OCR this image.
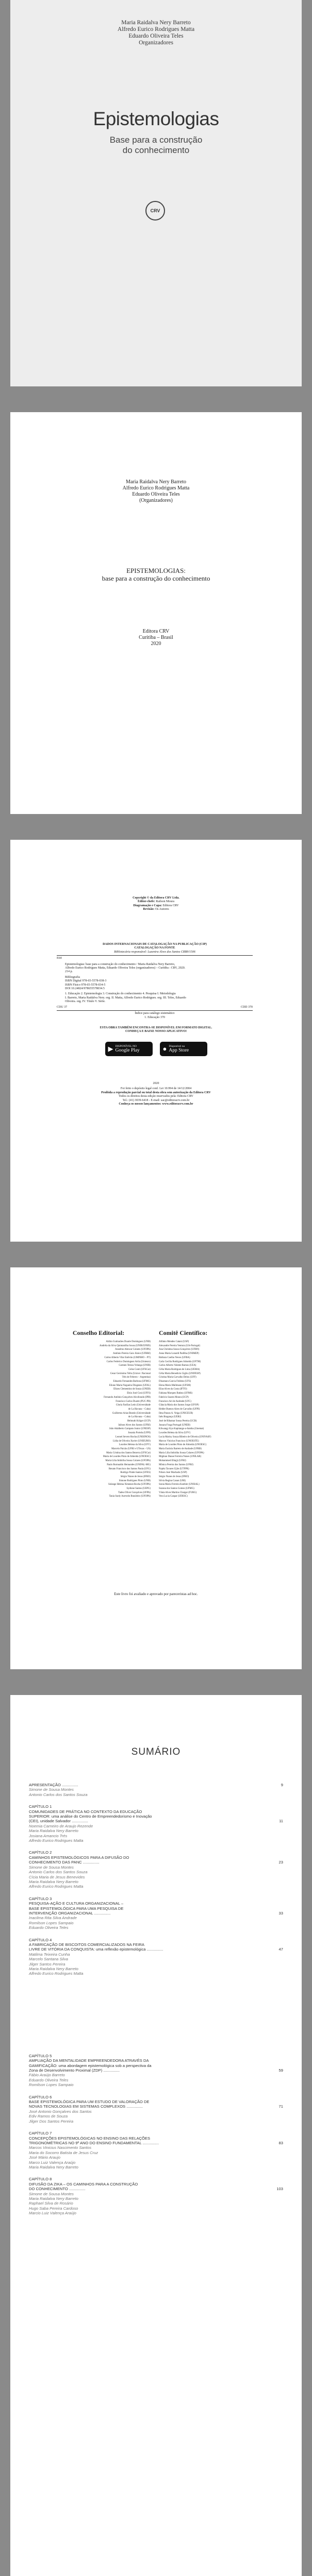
Maria Raidalva Nery Barreto
Alfredo Eurico Rodrigues Matta
Eduardo Oliveira Teles
Organizadores
Epistemologias
Base para a construção
do conhecimento
CRV
Maria Raidalva Nery Barreto
Alfredo Eurico Rodrigues Matta
Eduardo Oliveira Teles
(Organizadores)
EPISTEMOLOGIAS:
base para a construção do conhecimento
Editora CRV
Curitiba – Brasil
2020
Copyright © da Editora CRV Ltda.
Editor-chefe: Railson Moura
Diagramação e Capa: Editora CRV
Revisão: Os Autores
DADOS INTERNACIONAIS DE CATALOGAÇÃO NA PUBLICAÇÃO (CIP)
CATALOGAÇÃO NA FONTE
Bibliotecária responsável: Luzenira Alves dos Santos CRB9/1506
E64
Epistemologias: base para a construção do conhecimento / Maria Raidalva Nery Barreto,
Alfredo Eurico Rodrigues Matta, Eduardo Oliveira Teles (organizadores) – Curitiba : CRV, 2020.
214 p.
Bibliografia
ISBN Digital 978-65-5578-038-3
ISBN Físico 978-65-5578-034-5
DOI 10.24824/978655578034.5
1. Educação 2. Epistemologia 3. Construção do conhecimento 4. Pesquisa I. Metodologia
I. Barreto, Maria Raidalva Nery. org. II. Matta, Alfredo Eurico Rodrigues. org. III. Teles, Eduardo
Oliveira. org. IV. Título V. Série.
CDU 37	CDD 370
Índice para catálogo sistemático
1. Educação 370
ESTA OBRA TAMBÉM ENCONTRA-SE DISPONÍVEL EM FORMATO DIGITAL.
CONHEÇA E BAIXE NOSSO APLICATIVO!
▶ DISPONÍVEL NO
Google Play	● Disponível na
App Store
2020
Foi feito o depósito legal conf. Lei 10.994 de 14/12/2004
Proibida a reprodução parcial ou total desta obra sem autorização da Editora CRV
Todos os direitos desta edição reservados pela: Editora CRV
Tel.: (41) 3039-6418 - E-mail: sac@editoracrv.com.br
Conheça os nossos lançamentos: www.editoracrv.com.br
Conselho Editorial:
Aldira Guimarães Duarte Domínguez (UNB)
Andréia da Silva Quintanilha Sousa (UNIR/UFRN)
Anselmo Alencar Colares (UFOPA)
Antônio Pereira Gaio Júnior (UFRRJ)
Carlos Alberto Vilar Estêvão (UMINHO – PT)
Carlos Federico Dominguez Avila (Unieuro)
Carmen Tereza Velanga (UNIR)
Celso Conti (UFSCar)
Cesar Gerónimo Tello (Univer .Nacional
Três de Febrero – Argentina)
Eduardo Fernandes Barbosa (UFMG)
Elione Maria Nogueira Diogenes (UFAL)
Elizeu Clementino de Souza (UNEB)
Élsio José Corá (UFFS)
Fernando Antônio Gonçalves Alcoforado (IPB)
Francisco Carlos Duarte (PUC-PR)
Gloria Fariñas León (Universidade
de La Havana – Cuba)
Guillermo Arias Beatón (Universidade
de La Havana – Cuba)
Helmuth Krüger (UCP)
Jailson Alves dos Santos (UFRJ)
João Adalberto Campato Junior (UNESP)
Josania Portela (UFPI)
Leonel Severo Rocha (UNISINOS)
Lídia de Oliveira Xavier (UNIEURO)
Lourdes Helena da Silva (UFV)
Marcelo Paixão (UFRJ e UTexas – US)
Maria Cristina dos Santos Bezerra (UFSCar)
Maria de Lourdes Pinto de Almeida (UNOESC)
Maria Lília Imbiriba Sousa Colares (UFOPA)
Paulo Romualdo Hernandes (UNIFAL-MG)
Renato Francisco dos Santos Paula (UFG)
Rodrigo Pratte-Santos (UFES)
Sérgio Nunes de Jesus (IFRO)
Simone Rodrigues Pinto (UNB)
Solange Helena Ximenes-Rocha (UFOPA)
Sydione Santos (UEPG)
Tadeu Oliver Gonçalves (UFPA)
Tania Suely Azevedo Brasileiro (UFOPA)
Comitê Científico:
Afrânio Mendes Catani (USP)
Alexandre Pereira Ventura (UA-Portugal)
Ana Christina Souza Gonçalves (UFRN)
Anna Maria Lunardi Padilha (UNIMEP)
Bárbara Coelho Neves (UFBA)
Carla Cecília Rodrigues Almeida (UFTM)
Carlos Alberto Valente Ramos (UEA)
Célia Maria Rodrigues de Lima (UEMA)
Célia Maria Benedicto Giglio (UNIFESP)
Cristina Maria Carvalho Delou (UFF)
Dinamara Garcia Feldens (UFS)
Elena Maria Mallmann (UFSM)
Elias Alves da Costa (IFTO)
Fabiana Marques Batista (UFMS)
Fabrício Soares Moura (UCP)
Francisco Ari de Andrade (UFC)
Gláucia Maria dos Santos Jorge (UFOP)
Helder Buenos Aires de Carvalho (UFPI)
Ilma Passos A. Veiga (UNICEUB)
Inês Bragança (UERJ)
José de Ribamar Sousa Pereira (UCB)
Jussara Fraga Portugal (UNEB)
Kilwangy Kya Kapitango-a-Samba (Unemat)
Lourdes Helena da Silva (UFV)
Lucia Marisy Souza Ribeiro de Oliveira (UNIVASF)
Marcos Vinicius Francisco (UNOESTE)
Maria de Lourdes Pinto de Almeida (UNOESC)
Maria Eurácia Barreto de Andrade (UFRB)
Maria Lília Imbiriba Sousa Colares (UFOPA)
Míghian Danae Ferreira Nunes (UNILAB)
Mohammed Elhajji (UFRJ)
Mônica Pereira dos Santos (UFRJ)
Najela Tavares Ujiie (UTFPR)
Nilson José Machado (USP)
Sérgio Nunes de Jesus (IFRO)
Silvia Regina Canan (URI)
Sonia Maria Ferreira Koehler (UNISAL)
Suzana dos Santos Gomes (UFMG)
Vânia Alves Martins Chaigar (FURG)
Vera Lucia Gaspar (UDESC)
Este livro foi avaliado e aprovado por pareceristas ad hoc.
SUMÁRIO
9
APRESENTAÇÃO ...............
Simone de Sousa Montes
Antonio Carlos dos Santos Souza
CAPÍTULO 1
COMUNIDADES DE PRÁTICA NO CONTEXTO DA EDUCAÇÃO
SUPERIOR: uma análise do Centro de Empreendedorismo e Inovação
11
(CEI), unidade Salvador ...............
Noemia Carneiro de Araujo Rezende
Maria Raidalva Nery Barreto
Josiana Amancio Trés
Alfredo Eurico Rodrigues Matta
CAPÍTULO 2
CAMINHOS EPISTEMOLÓGICOS PARA A DIFUSÃO DO
23
CONHECIMENTO DAS PANC ...............
Simone de Sousa Montes
Antonio Carlos dos Santos Souza
Cícia Maria de Jesus Benevides
Maria Raidalva Nery Barreto
Alfredo Eurico Rodrigues Matta
CAPÍTULO 3
PESQUISA-AÇÃO E CULTURA ORGANIZACIONAL –
BASE EPISTEMOLÓGICA PARA UMA PESQUISA DE
33
INTERVENÇÃO ORGANIZACIONAL ...............
Inacilma Rita Silva Andrade
Romilson Lopes Sampaio
Eduardo Oliveira Teles
CAPÍTULO 4
A FABRICAÇÃO DE BISCOITOS COMERCIALIZADOS NA FEIRA
47
LIVRE DE VITÓRIA DA CONQUISTA: uma reflexão epistemológica ...............
Matilma Teixeira Cunha
Marcelo Santana Silva
Jilger Santos Pereira
Maria Raidalva Nery Barreto
Alfredo Eurico Rodrigues Matta
CAPÍTULO 5
AMPLIAÇÃO DA MENTALIDADE EMPREENDEDORA ATRAVÉS DA
GAMIFICAÇÃO: uma abordagem epistemológica sob a perspectiva da
59
Zona de Desenvolvimento Proximal (ZDP) ...............
Fábio Araújo Barreto
Eduardo Oliveira Teles
Romilson Lopes Sampaio
CAPÍTULO 6
BASE EPISTEMOLÓGICA PARA UM ESTUDO DE VALORAÇÃO DE
71
NOVAS TECNOLOGIAS EM SISTEMAS COMPLEXOS ...............
José Antonio Gonçalves dos Santos
Ediv Ramos de Souza
Jilger Dos Santos Pereira
CAPÍTULO 7
CONCEPÇÕES EPISTEMOLÓGICAS NO ENSINO DAS RELAÇÕES
83
TRIGONOMÉTRICAS NO 9º ANO DO ENSINO FUNDAMENTAL ...............
Marcos Vinicius Nascimento Santos
Maria do Socorro Batista de Jesus Cruz
José Mário Araujo
Marco Luiz Valença Araújo
Maria Raidalva Nery Barreto
CAPÍTULO 8
DIFUSÃO DA ZIKA – OS CAMINHOS PARA A CONSTRUÇÃO
103
DO CONHECIMENTO ...............
Simone de Sousa Montes
Maria Raidalva Nery Barreto
Raphael Silva de Rosário
Hugo Saba Pereira Cardoso
Marcio Luiz Valença Araújo
